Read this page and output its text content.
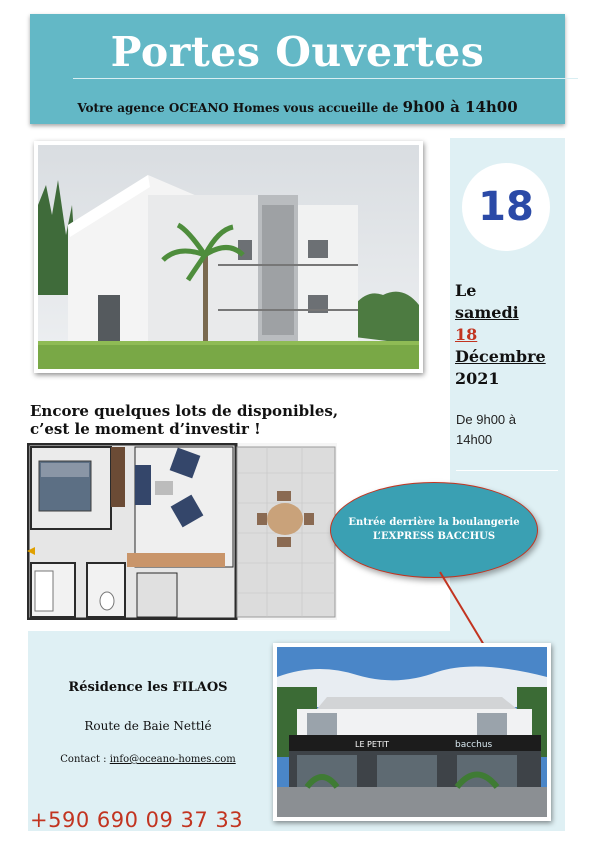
Portes Ouvertes
Votre agence OCEANO Homes vous accueille de 9h00 à 14h00
18
Le
samedi
18
Décembre
2021
De 9h00 à
14h00
Encore quelques lots de disponibles,
c’est le moment d’investir !
Entrée derrière la boulangerie
L’EXPRESS BACCHUS
LE PETIT	bacchus
Résidence les FILAOS
Route de Baie Nettlé
Contact : info@oceano-homes.com
+590 690 09 37 33
